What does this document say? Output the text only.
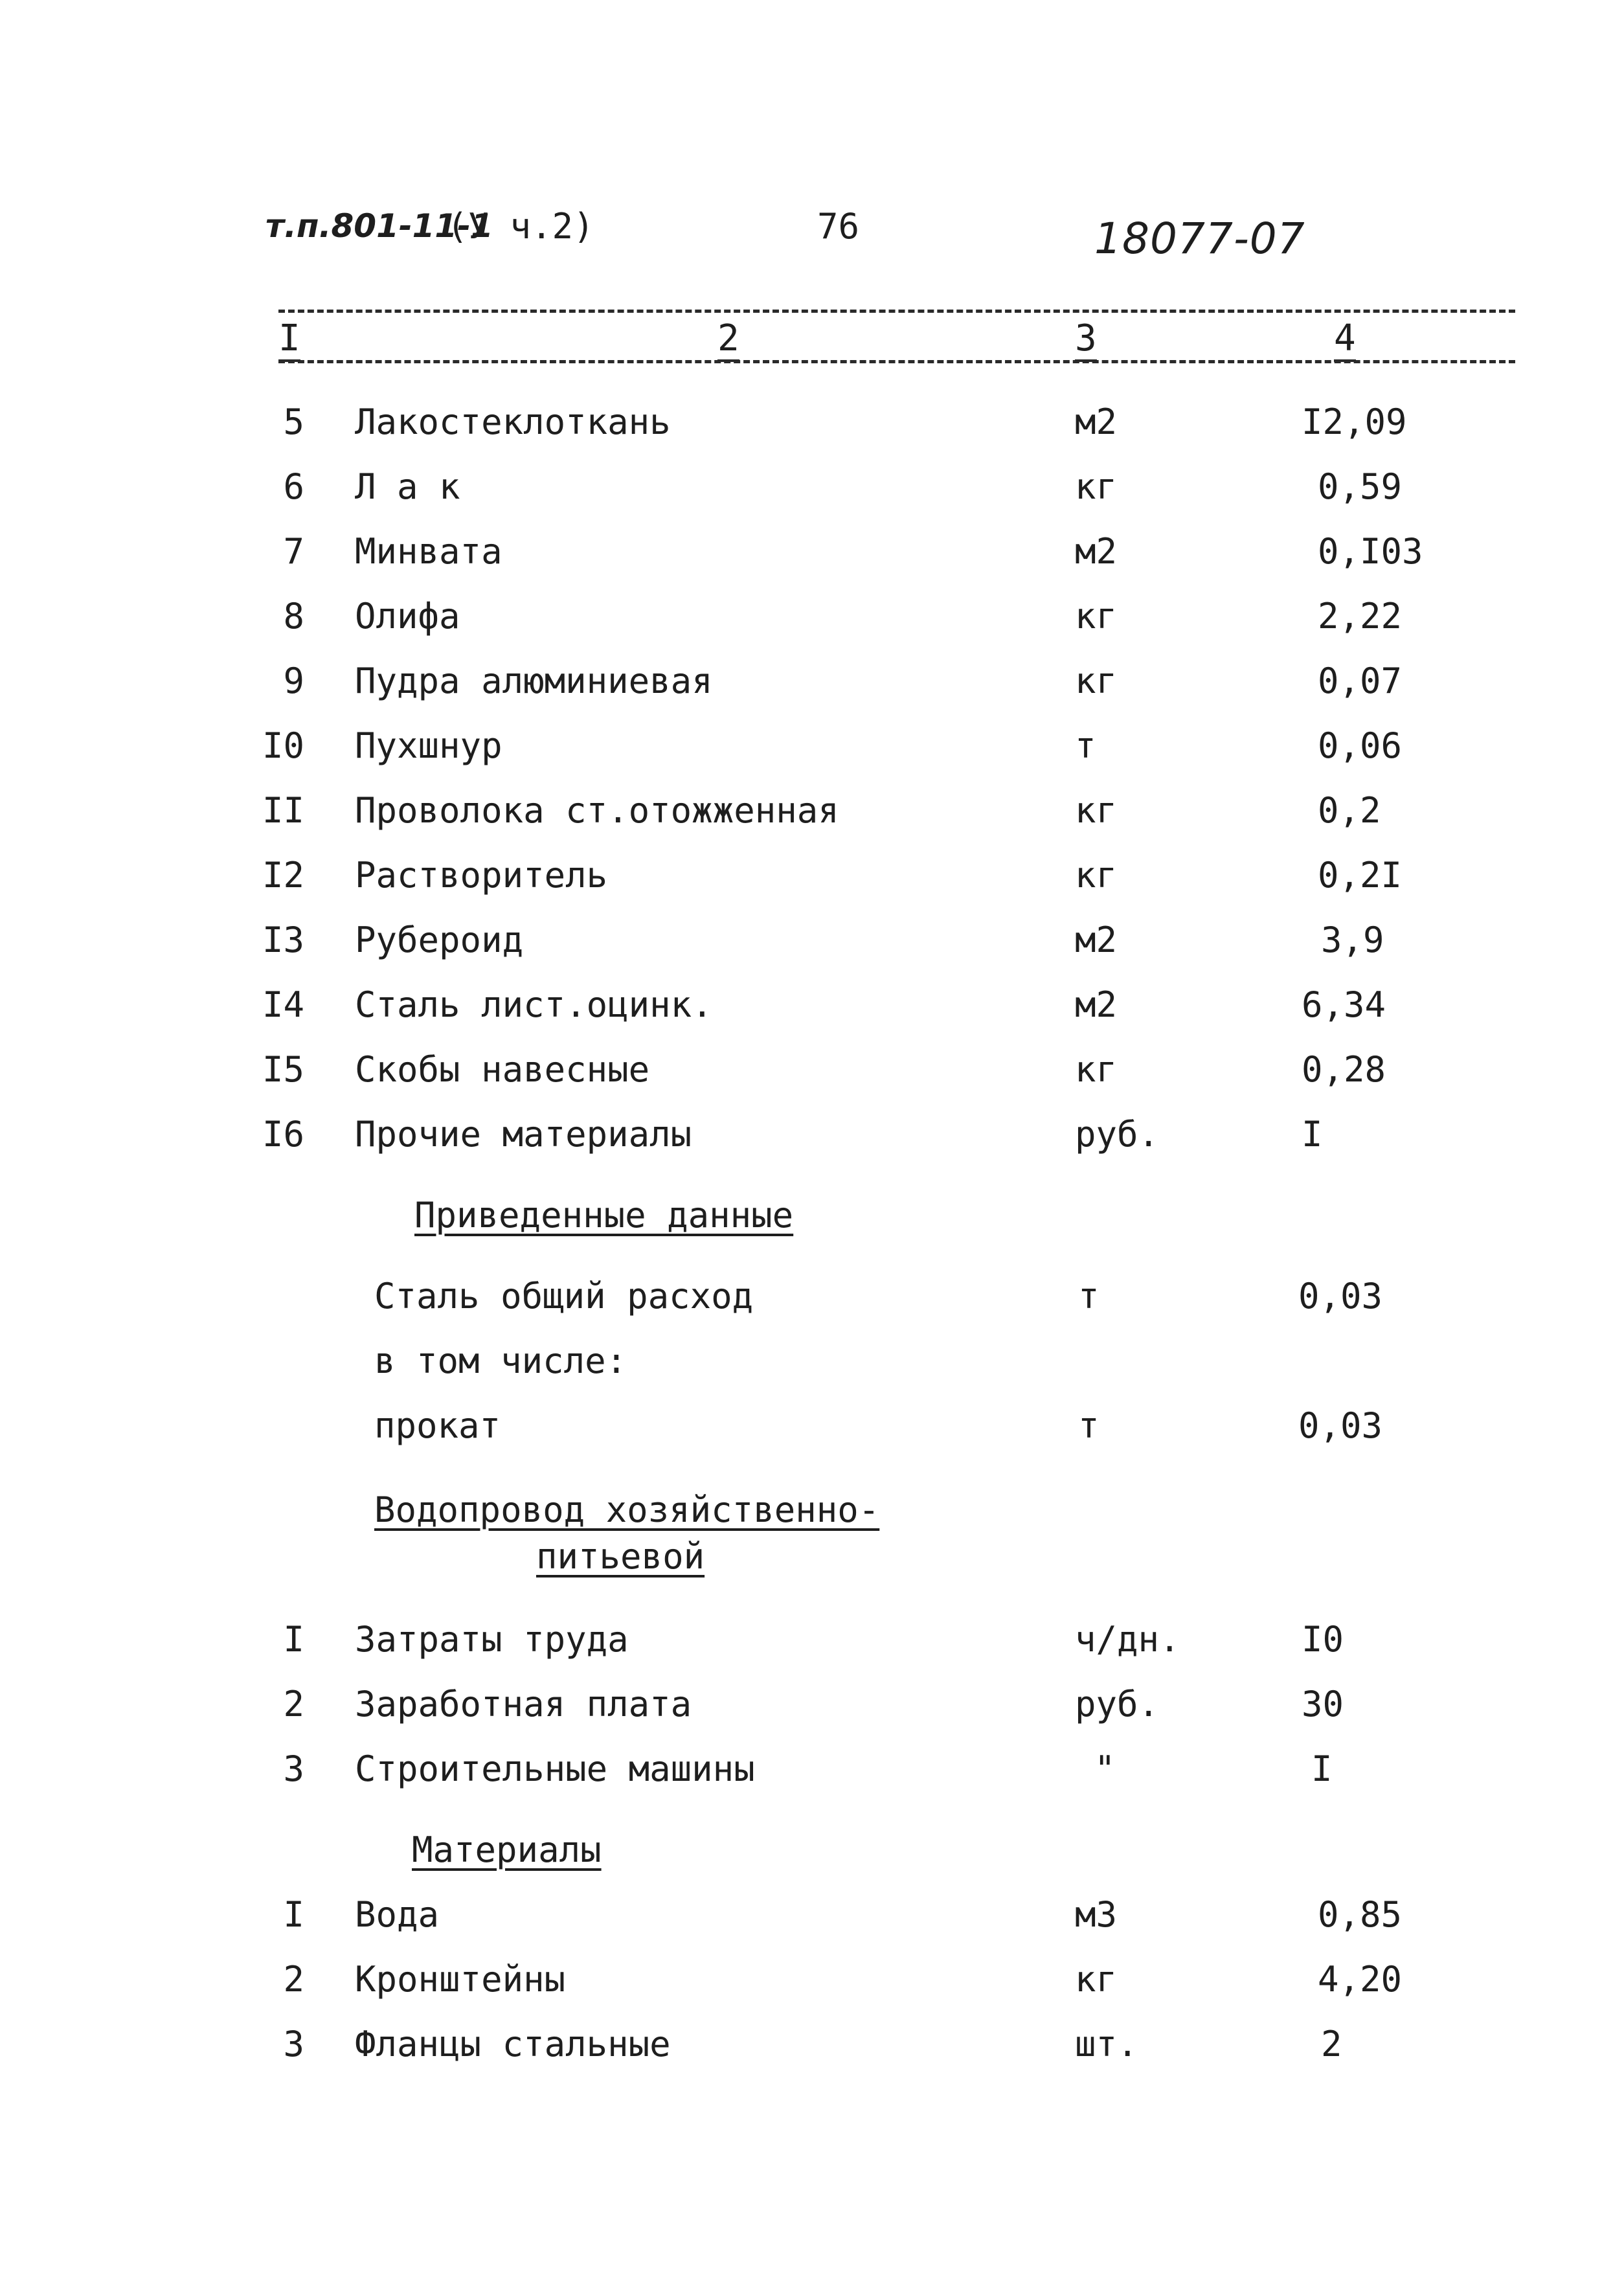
т.п.801-11-1
(У ч.2)	76	18077-07
I	2	3	4
5 Лакостеклоткань	м2	I2,09
6 Л а к	кг	0,59
7 Минвата	м2	0,I03
8 Олифа	кг	2,22
9 Пудра алюминиевая	кг	0,07
I0 Пухшнур	т	0,06
II Проволока ст.отожженная	кг	0,2
I2 Растворитель	кг	0,2I
I3 Рубероид	м2	3,9
I4 Сталь лист.оцинк.	м2	6,34
I5 Скобы навесные	кг	0,28
I6 Прочие материалы	руб.	I
Приведенные данные
Сталь общий расход	т	0,03
в том числе:
прокат	т	0,03
Водопровод хозяйственно-
питьевой
I Затраты труда	ч/дн.	I0
2 Заработная плата	руб.	30
3 Строительные машины	"	I
Материалы
I Вода	м3	0,85
2 Кронштейны	кг	4,20
3 Фланцы стальные	шт.	2
